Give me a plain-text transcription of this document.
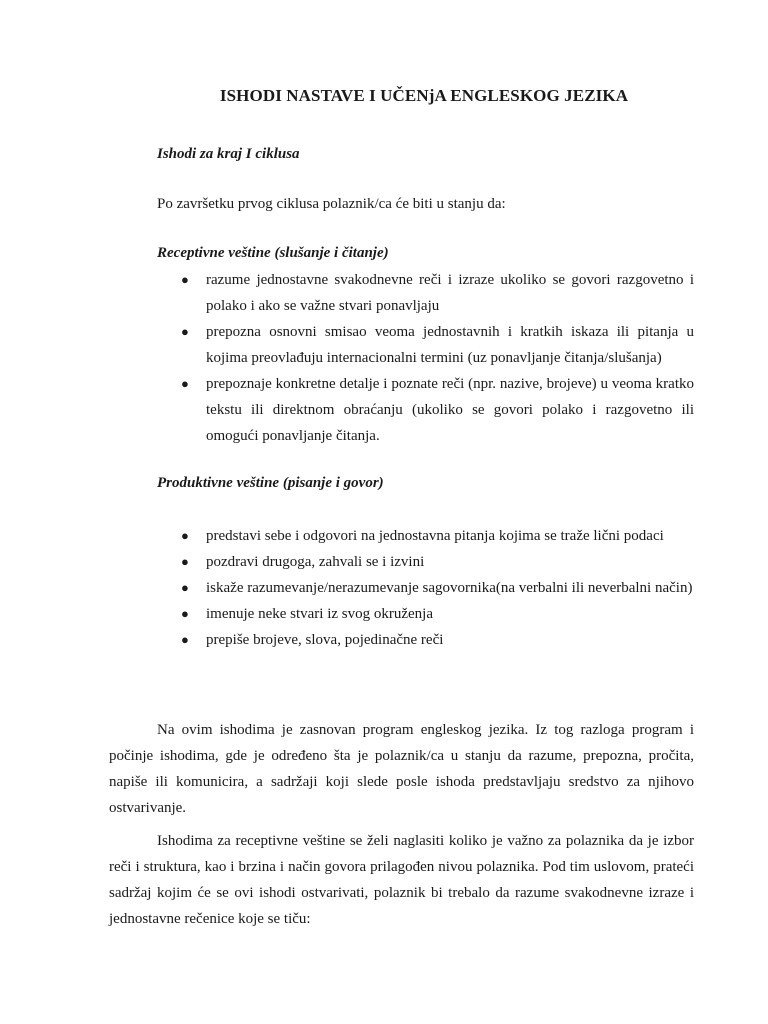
ISHODI NASTAVE I UČENjA ENGLESKOG JEZIKA
Ishodi za kraj I ciklusa
Po završetku prvog ciklusa polaznik/ca će biti u stanju da:
Receptivne veštine (slušanje i čitanje)
● razume jednostavne svakodnevne reči i izraze ukoliko se govori razgovetno i polako i ako se važne stvari ponavljaju
● prepozna osnovni smisao veoma jednostavnih i kratkih iskaza ili pitanja u kojima preovlađuju internacionalni termini (uz ponavljanje čitanja/slušanja)
● prepoznaje konkretne detalje i poznate reči (npr. nazive, brojeve) u veoma kratko tekstu ili direktnom obraćanju (ukoliko se govori polako i razgovetno ili omogući ponavljanje čitanja.
Produktivne veštine (pisanje i govor)
● predstavi sebe i odgovori na jednostavna pitanja kojima se traže lični podaci
● pozdravi drugoga, zahvali se i izvini
● iskaže razumevanje/nerazumevanje sagovornika(na verbalni ili neverbalni način)
● imenuje neke stvari iz svog okruženja
● prepiše brojeve, slova, pojedinačne reči

Na ovim ishodima je zasnovan program engleskog jezika. Iz tog razloga program i počinje ishodima, gde je određeno šta je polaznik/ca u stanju da razume, prepozna, pročita, napiše ili komunicira, a sadržaji koji slede posle ishoda predstavljaju sredstvo za njihovo ostvarivanje.

Ishodima za receptivne veštine se želi naglasiti koliko je važno za polaznika da je izbor reči i struktura, kao i brzina i način govora prilagođen nivou polaznika. Pod tim uslovom, prateći sadržaj kojim će se ovi ishodi ostvarivati, polaznik bi trebalo da razume svakodnevne izraze i jednostavne rečenice koje se tiču:
